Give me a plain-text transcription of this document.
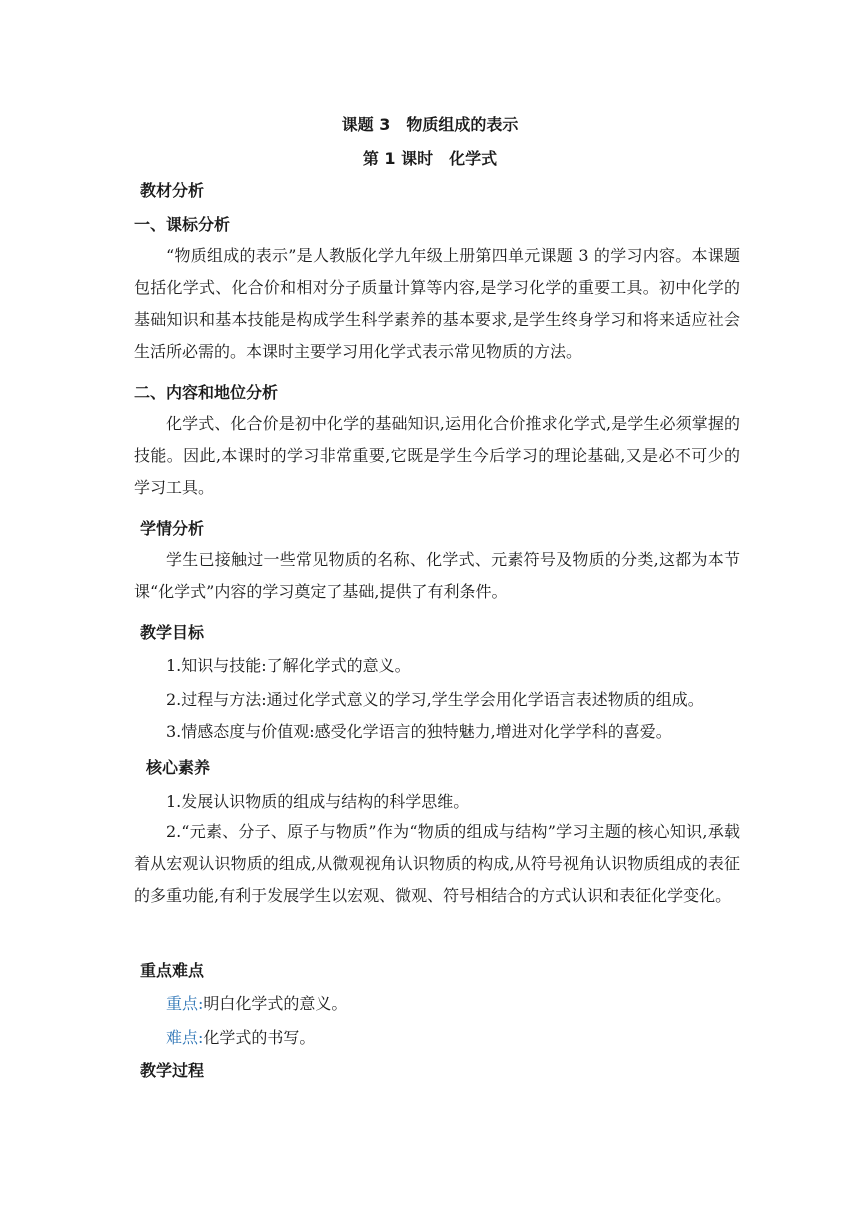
课题 3　物质组成的表示
第 1 课时　化学式
教材分析
一、课标分析
“物质组成的表示”是人教版化学九年级上册第四单元课题 3 的学习内容。本课题包括化学式、化合价和相对分子质量计算等内容,是学习化学的重要工具。初中化学的基础知识和基本技能是构成学生科学素养的基本要求,是学生终身学习和将来适应社会生活所必需的。本课时主要学习用化学式表示常见物质的方法。
二、内容和地位分析
化学式、化合价是初中化学的基础知识,运用化合价推求化学式,是学生必须掌握的技能。因此,本课时的学习非常重要,它既是学生今后学习的理论基础,又是必不可少的学习工具。
学情分析
学生已接触过一些常见物质的名称、化学式、元素符号及物质的分类,这都为本节课“化学式”内容的学习奠定了基础,提供了有利条件。
教学目标
1.知识与技能:了解化学式的意义。
2.过程与方法:通过化学式意义的学习,学生学会用化学语言表述物质的组成。
3.情感态度与价值观:感受化学语言的独特魅力,增进对化学学科的喜爱。
核心素养
1.发展认识物质的组成与结构的科学思维。
2.“元素、分子、原子与物质”作为“物质的组成与结构”学习主题的核心知识,承载着从宏观认识物质的组成,从微观视角认识物质的构成,从符号视角认识物质组成的表征的多重功能,有利于发展学生以宏观、微观、符号相结合的方式认识和表征化学变化。
重点难点
重点:明白化学式的意义。
难点:化学式的书写。
教学过程
